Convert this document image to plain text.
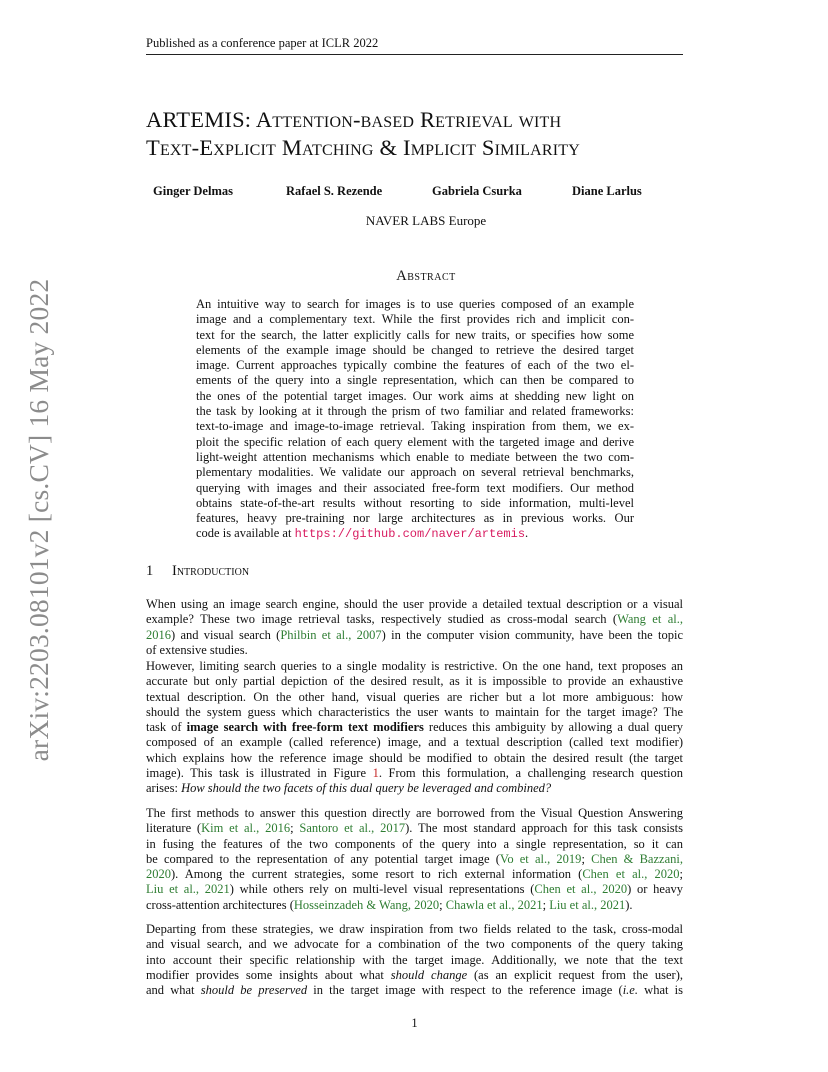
Published as a conference paper at ICLR 2022
arXiv:2203.08101v2 [cs.CV] 16 May 2022
ARTEMIS: Attention-based Retrieval with
Text-Explicit Matching & Implicit Similarity
Ginger Delmas	Rafael S. Rezende	Gabriela Csurka	Diane Larlus
NAVER LABS Europe
Abstract
An intuitive way to search for images is to use queries composed of an example
image and a complementary text. While the first provides rich and implicit con-
text for the search, the latter explicitly calls for new traits, or specifies how some
elements of the example image should be changed to retrieve the desired target
image. Current approaches typically combine the features of each of the two el-
ements of the query into a single representation, which can then be compared to
the ones of the potential target images. Our work aims at shedding new light on
the task by looking at it through the prism of two familiar and related frameworks:
text-to-image and image-to-image retrieval. Taking inspiration from them, we ex-
ploit the specific relation of each query element with the targeted image and derive
light-weight attention mechanisms which enable to mediate between the two com-
plementary modalities. We validate our approach on several retrieval benchmarks,
querying with images and their associated free-form text modifiers. Our method
obtains state-of-the-art results without resorting to side information, multi-level
features, heavy pre-training nor large architectures as in previous works. Our
code is available at https://github.com/naver/artemis.
1 Introduction
When using an image search engine, should the user provide a detailed textual description or a visual
example? These two image retrieval tasks, respectively studied as cross-modal search (Wang et al.,
2016) and visual search (Philbin et al., 2007) in the computer vision community, have been the topic
of extensive studies.
However, limiting search queries to a single modality is restrictive. On the one hand, text proposes an
accurate but only partial depiction of the desired result, as it is impossible to provide an exhaustive
textual description. On the other hand, visual queries are richer but a lot more ambiguous: how
should the system guess which characteristics the user wants to maintain for the target image? The
task of image search with free-form text modifiers reduces this ambiguity by allowing a dual query
composed of an example (called reference) image, and a textual description (called text modifier)
which explains how the reference image should be modified to obtain the desired result (the target
image). This task is illustrated in Figure 1. From this formulation, a challenging research question
arises: How should the two facets of this dual query be leveraged and combined?
The first methods to answer this question directly are borrowed from the Visual Question Answering
literature (Kim et al., 2016; Santoro et al., 2017). The most standard approach for this task consists
in fusing the features of the two components of the query into a single representation, so it can
be compared to the representation of any potential target image (Vo et al., 2019; Chen & Bazzani,
2020). Among the current strategies, some resort to rich external information (Chen et al., 2020;
Liu et al., 2021) while others rely on multi-level visual representations (Chen et al., 2020) or heavy
cross-attention architectures (Hosseinzadeh & Wang, 2020; Chawla et al., 2021; Liu et al., 2021).
Departing from these strategies, we draw inspiration from two fields related to the task, cross-modal
and visual search, and we advocate for a combination of the two components of the query taking
into account their specific relationship with the target image. Additionally, we note that the text
modifier provides some insights about what should change (as an explicit request from the user),
and what should be preserved in the target image with respect to the reference image (i.e. what is
1
